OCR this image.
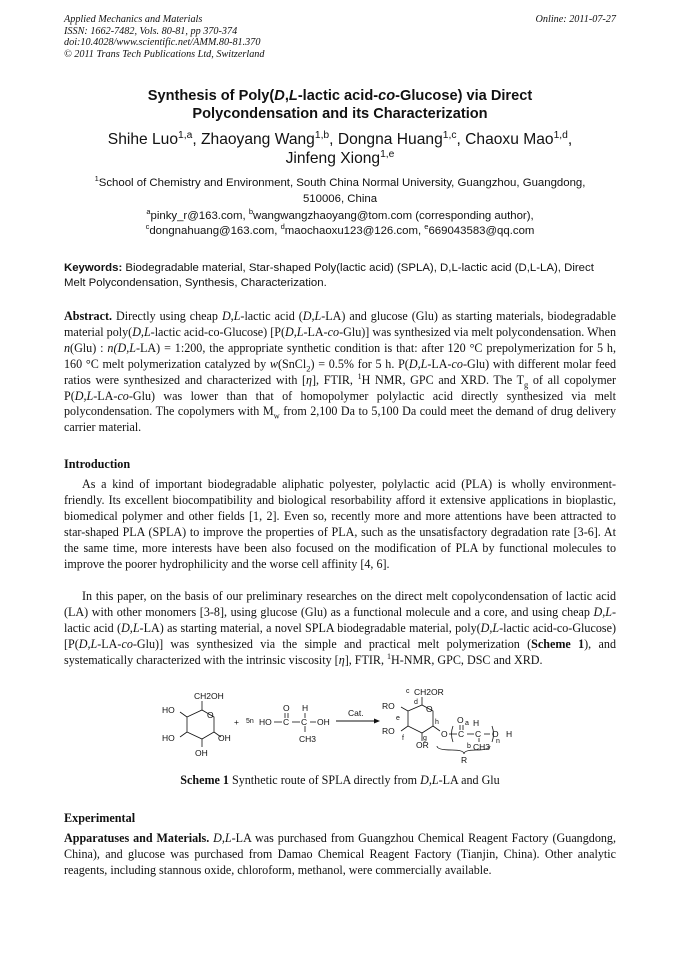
Applied Mechanics and Materials
ISSN: 1662-7482, Vols. 80-81, pp 370-374
doi:10.4028/www.scientific.net/AMM.80-81.370
© 2011 Trans Tech Publications Ltd, Switzerland
Online: 2011-07-27
Synthesis of Poly(D,L-lactic acid-co-Glucose) via Direct
Polycondensation and its Characterization
Shihe Luo$^{1,a}$, Zhaoyang Wang$^{1,b}$, Dongna Huang$^{1,c}$, Chaoxu Mao$^{1,d}$,
Jinfeng Xiong$^{1,e}$
$^1$School of Chemistry and Environment, South China Normal University, Guangzhou, Guangdong,
510006, China
$^a$pinky_r@163.com, $^b$wangwangzhaoyang@tom.com (corresponding author),
$^c$dongnahuang@163.com, $^d$maochaoxu123@126.com, $^e$669043583@qq.com
Keywords: Biodegradable material, Star-shaped Poly(lactic acid) (SPLA), D,L-lactic acid (D,L-LA), Direct Melt Polycondensation, Synthesis, Characterization.
Abstract. Directly using cheap D,L-lactic acid (D,L-LA) and glucose (Glu) as starting materials, biodegradable material poly(D,L-lactic acid-co-Glucose) [P(D,L-LA-co-Glu)] was synthesized via melt polycondensation. When n(Glu) : n(D,L-LA) = 1:200, the appropriate synthetic condition is that: after 120 °C prepolymerization for 5 h, 160 °C melt polymerization catalyzed by w(SnCl$_2$) = 0.5% for 5 h. P(D,L-LA-co-Glu) with different molar feed ratios were synthesized and characterized with [η], FTIR, $^1$H NMR, GPC and XRD. The $T_g$ of all copolymer P(D,L-LA-co-Glu) was lower than that of homopolymer polylactic acid directly synthesized via melt polycondensation. The copolymers with $M_w$ from 2,100 Da to 5,100 Da could meet the demand of drug delivery carrier material.
Introduction
As a kind of important biodegradable aliphatic polyester, polylactic acid (PLA) is wholly environment-friendly. Its excellent biocompatibility and biological resorbability afford it extensive applications in bioplastic, biomedical polymer and other fields [1, 2]. Even so, recently more and more attentions have been attracted to star-shaped PLA (SPLA) to improve the properties of PLA, such as the unsatisfactory degradation rate [3-6]. At the same time, more interests have been also focused on the modification of PLA by functional molecules to improve the poorer hydrophilicity and the worse cell affinity [4, 6].
In this paper, on the basis of our preliminary researches on the direct melt copolycondensation of lactic acid (LA) with other monomers [3-8], using glucose (Glu) as a functional molecule and a core, and using cheap D,L-lactic acid (D,L-LA) as starting material, a novel SPLA biodegradable material, poly(D,L-lactic acid-co-Glucose) [P(D,L-LA-co-Glu)] was synthesized via the simple and practical melt polymerization (Scheme 1), and systematically characterized with the intrinsic viscosity [η], FTIR, $^1$H-NMR, GPC, DSC and XRD.
CH2OH
HO	O
HO	OH
OH
+ 5n HO
O
C
H
C OH
CH3
Cat.
CH2OR
c
RO	O
RO
OR
d
e
h
f	g O
O
C C
a H
O
n
H
b CH3
R
Scheme 1 Synthetic route of SPLA directly from D,L-LA and Glu
Experimental
Apparatuses and Materials. D,L-LA was purchased from Guangzhou Chemical Reagent Factory (Guangdong, China), and glucose was purchased from Damao Chemical Reagent Factory (Tianjin, China). Other analytic reagents, including stannous oxide, chloroform, methanol, were commercially available.
